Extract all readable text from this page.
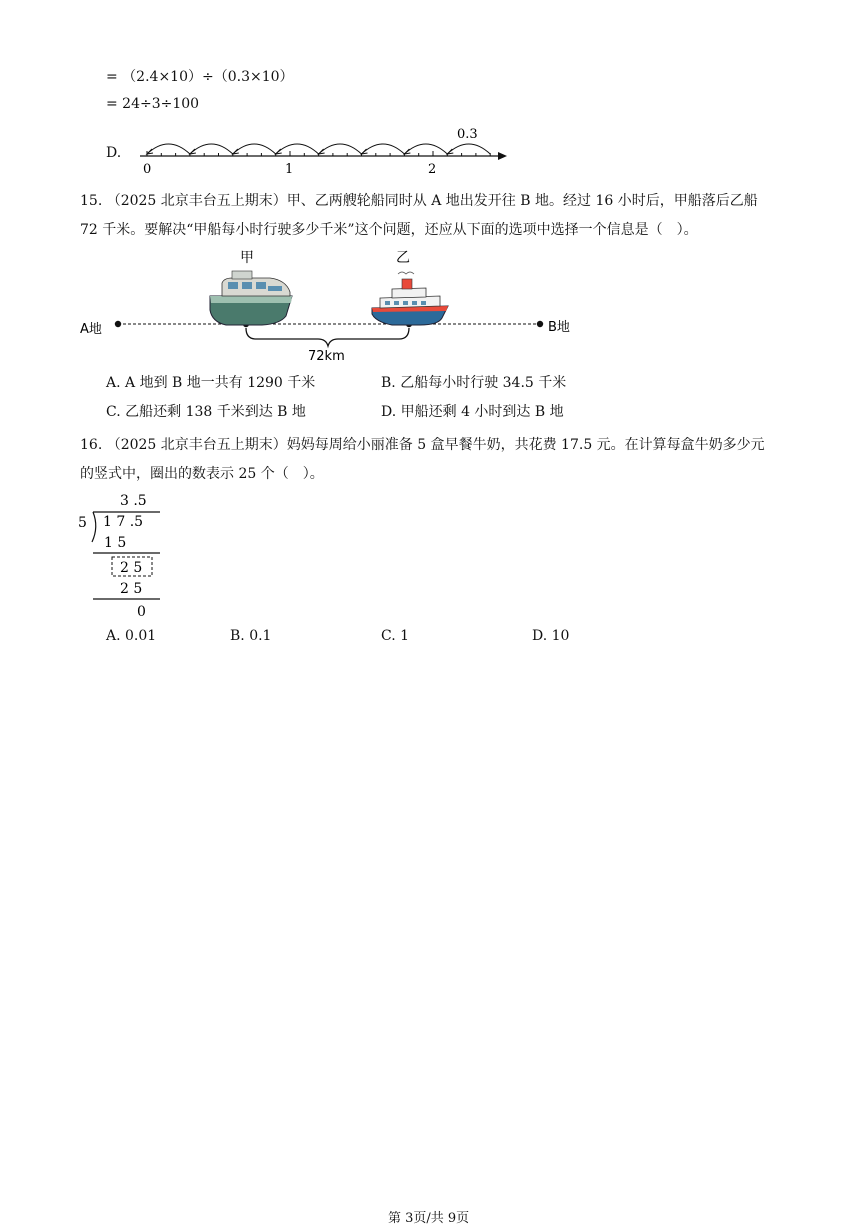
= （2.4×10）÷（0.3×10）
= 24÷3÷100
D.
0.3
0	1	2
15. （2025 北京丰台五上期末）甲、乙两艘轮船同时从 A 地出发开往 B 地。经过 16 小时后，甲船落后乙船
72 千米。要解决“甲船每小时行驶多少千米”这个问题，还应从下面的选项中选择一个信息是（　）。
A地	B地
72km
甲	乙
A. A 地到 B 地一共有 1290 千米	B. 乙船每小时行驶 34.5 千米
C. 乙船还剩 138 千米到达 B 地	D. 甲船还剩 4 小时到达 B 地
16. （2025 北京丰台五上期末）妈妈每周给小丽准备 5 盒早餐牛奶，共花费 17.5 元。在计算每盒牛奶多少元
的竖式中，圈出的数表示 25 个（　）。
3 .5
5 1 7 .5
1 5
2 5
2 5
0
A. 0.01	B. 0.1	C. 1	D. 10
第 3页/共 9页
